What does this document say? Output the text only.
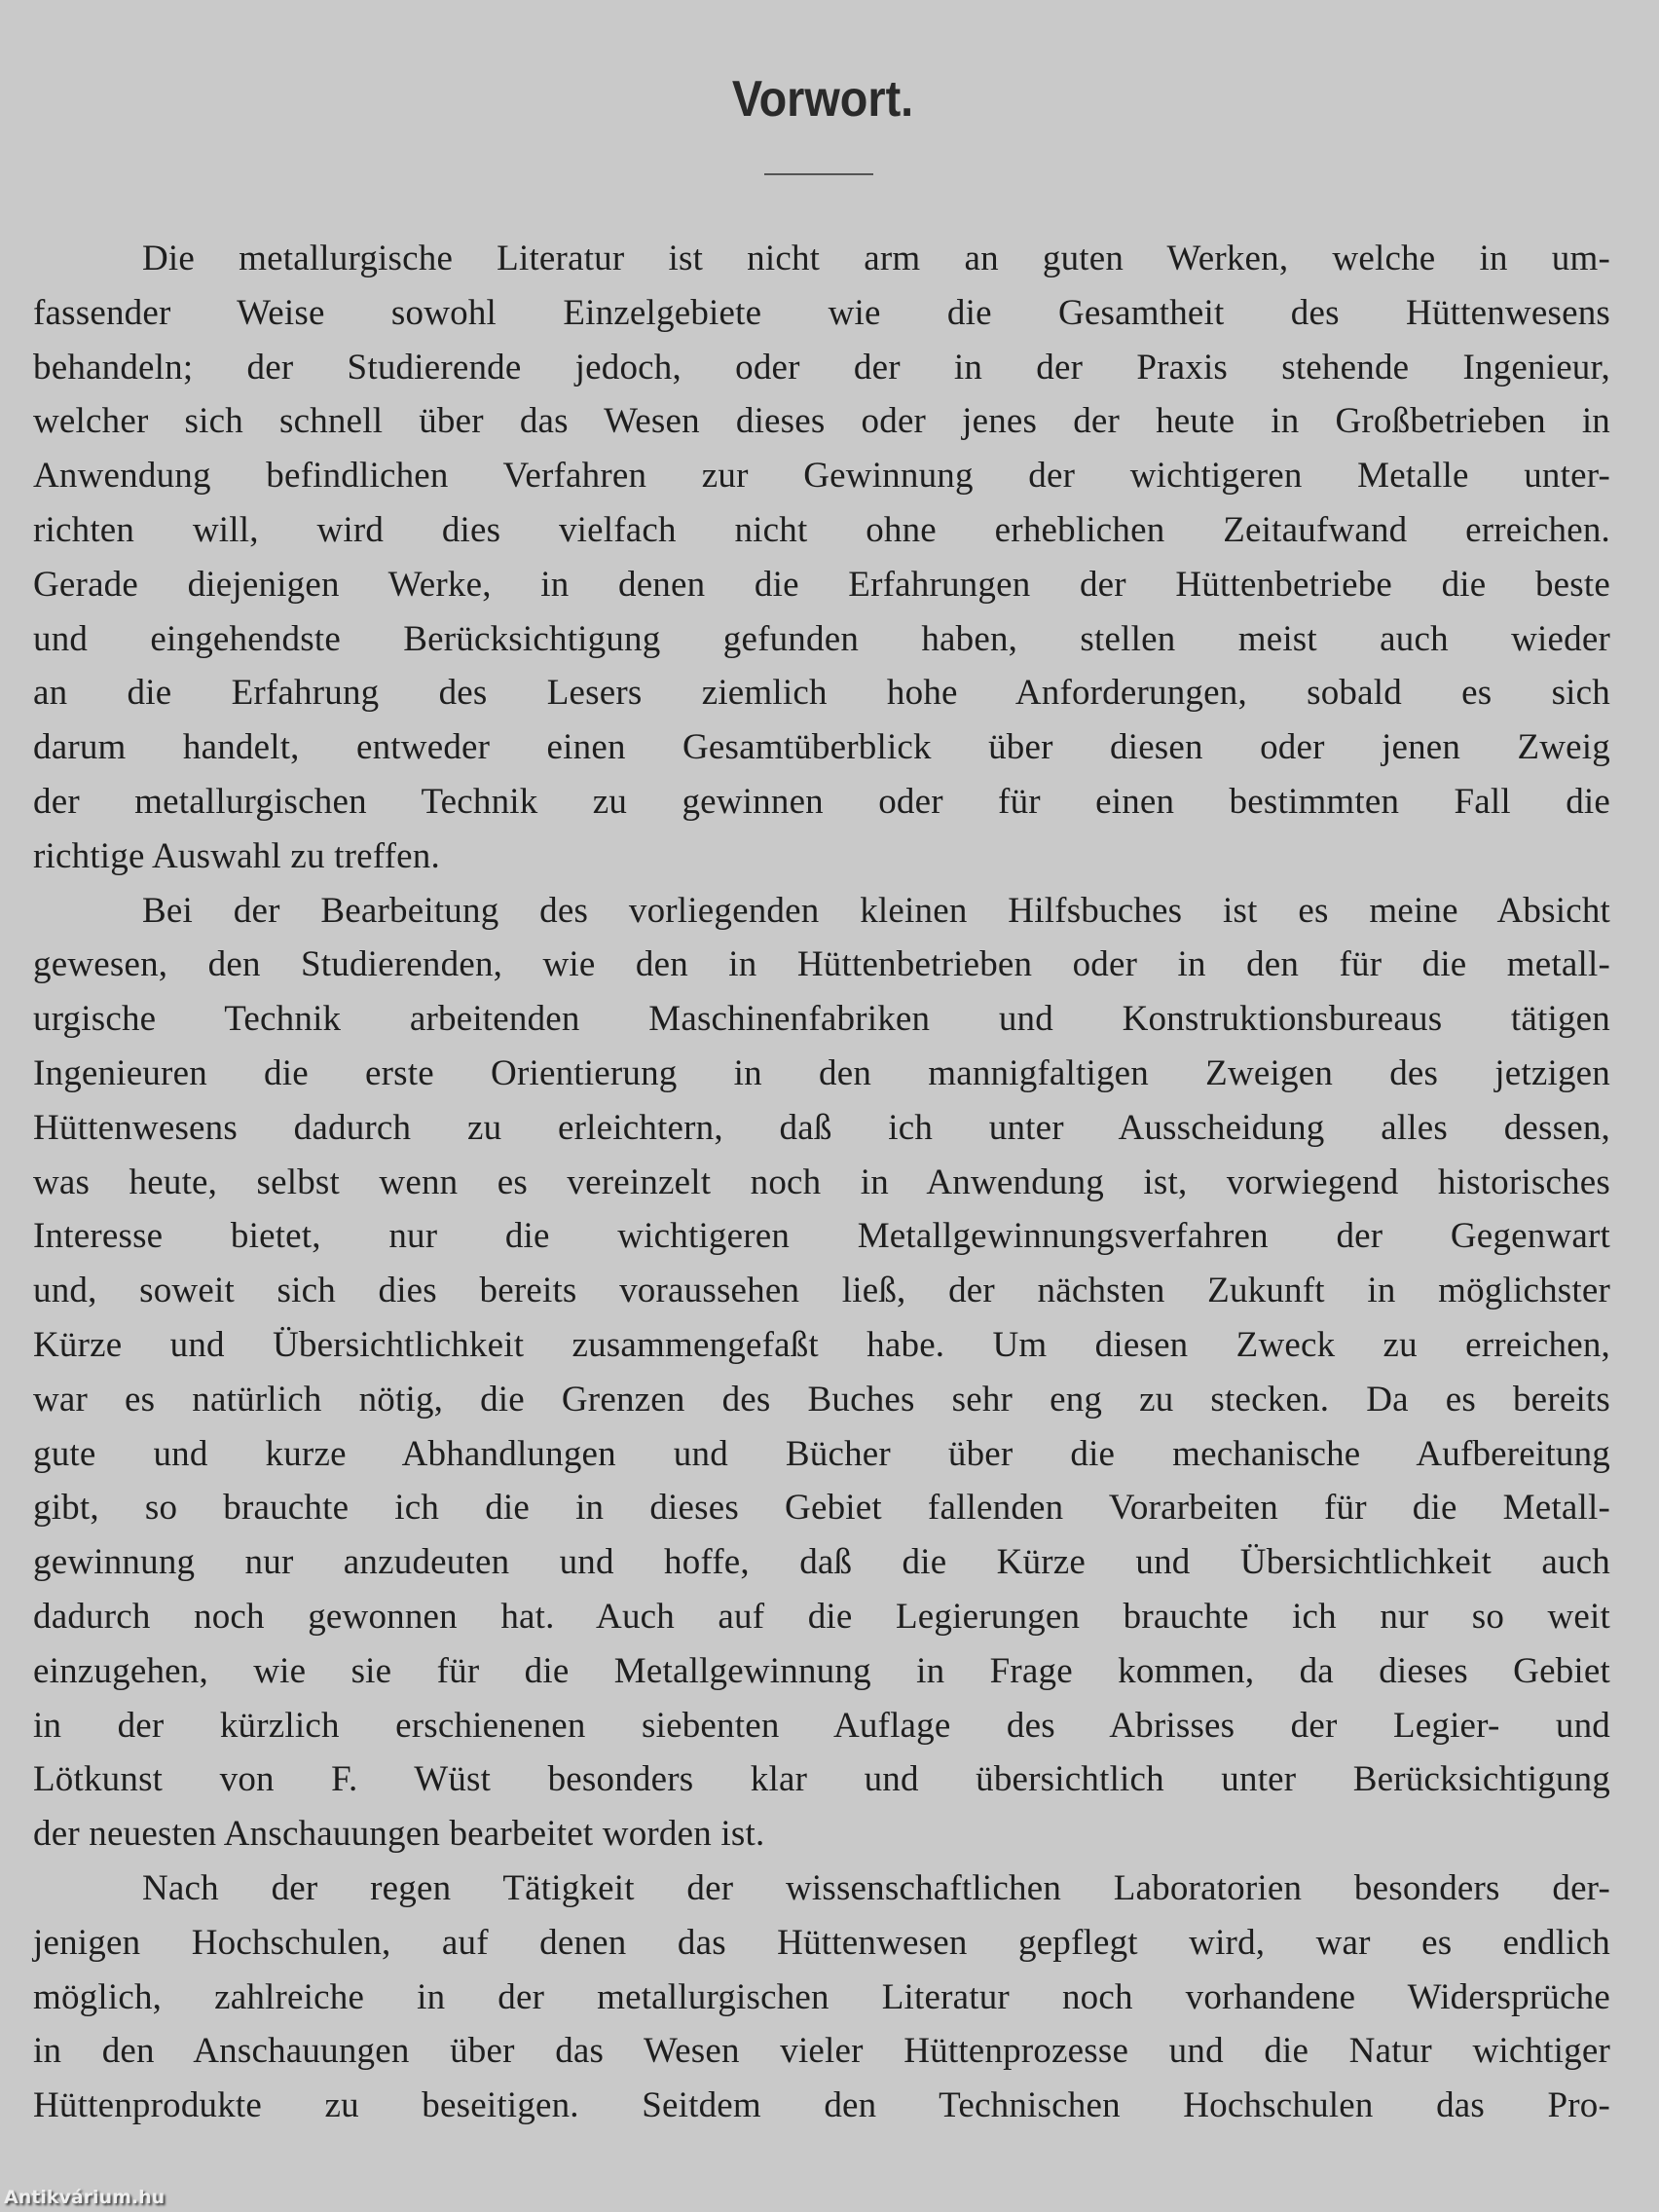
Vorwort.
Die metallurgische Literatur ist nicht arm an guten Werken, welche in um-
fassender Weise sowohl Einzelgebiete wie die Gesamtheit des Hüttenwesens
behandeln; der Studierende jedoch, oder der in der Praxis stehende Ingenieur,
welcher sich schnell über das Wesen dieses oder jenes der heute in Großbetrieben in
Anwendung befindlichen Verfahren zur Gewinnung der wichtigeren Metalle unter-
richten will, wird dies vielfach nicht ohne erheblichen Zeitaufwand erreichen.
Gerade diejenigen Werke, in denen die Erfahrungen der Hüttenbetriebe die beste
und eingehendste Berücksichtigung gefunden haben, stellen meist auch wieder
an die Erfahrung des Lesers ziemlich hohe Anforderungen, sobald es sich
darum handelt, entweder einen Gesamtüberblick über diesen oder jenen Zweig
der metallurgischen Technik zu gewinnen oder für einen bestimmten Fall die
richtige Auswahl zu treffen.
Bei der Bearbeitung des vorliegenden kleinen Hilfsbuches ist es meine Absicht
gewesen, den Studierenden, wie den in Hüttenbetrieben oder in den für die metall-
urgische Technik arbeitenden Maschinenfabriken und Konstruktionsbureaus tätigen
Ingenieuren die erste Orientierung in den mannigfaltigen Zweigen des jetzigen
Hüttenwesens dadurch zu erleichtern, daß ich unter Ausscheidung alles dessen,
was heute, selbst wenn es vereinzelt noch in Anwendung ist, vorwiegend historisches
Interesse bietet, nur die wichtigeren Metallgewinnungsverfahren der Gegenwart
und, soweit sich dies bereits voraussehen ließ, der nächsten Zukunft in möglichster
Kürze und Übersichtlichkeit zusammengefaßt habe. Um diesen Zweck zu erreichen,
war es natürlich nötig, die Grenzen des Buches sehr eng zu stecken. Da es bereits
gute und kurze Abhandlungen und Bücher über die mechanische Aufbereitung
gibt, so brauchte ich die in dieses Gebiet fallenden Vorarbeiten für die Metall-
gewinnung nur anzudeuten und hoffe, daß die Kürze und Übersichtlichkeit auch
dadurch noch gewonnen hat. Auch auf die Legierungen brauchte ich nur so weit
einzugehen, wie sie für die Metallgewinnung in Frage kommen, da dieses Gebiet
in der kürzlich erschienenen siebenten Auflage des Abrisses der Legier- und
Lötkunst von F. Wüst besonders klar und übersichtlich unter Berücksichtigung
der neuesten Anschauungen bearbeitet worden ist.
Nach der regen Tätigkeit der wissenschaftlichen Laboratorien besonders der-
jenigen Hochschulen, auf denen das Hüttenwesen gepflegt wird, war es endlich
möglich, zahlreiche in der metallurgischen Literatur noch vorhandene Widersprüche
in den Anschauungen über das Wesen vieler Hüttenprozesse und die Natur wichtiger
Hüttenprodukte zu beseitigen. Seitdem den Technischen Hochschulen das Pro-
Antikvárium.hu
